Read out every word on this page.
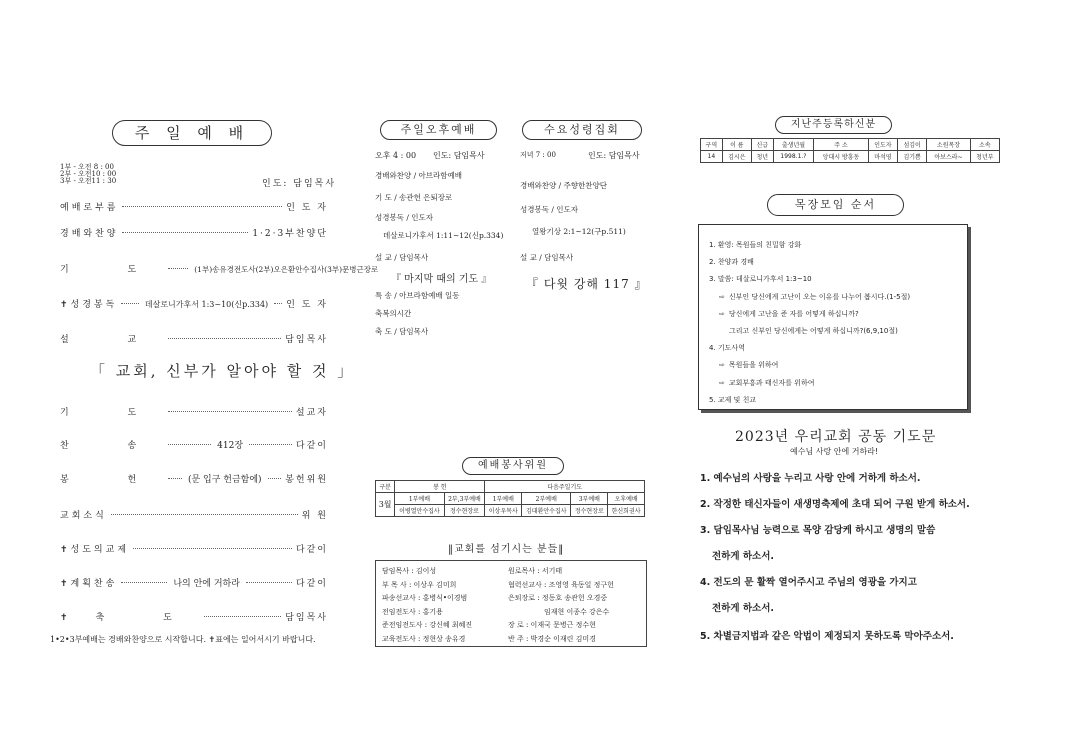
주 일 예 배
1부 - 오전 8 : 00
2부 - 오전10 : 00
3부 - 오전11 : 30	인도: 담임목사
예배로부름	인 도 자
경배와찬양	1·2·3부찬양단
기 도	(1부)송유경전도사(2부)오은환안수집사(3부)문병근장로
✝성경봉독	데살로니가후서 1:3~10(신p.334) 인 도 자
설 교	담임목사
「 교회, 신부가 알아야 할 것 」
기 도	설교자
찬 송	412장	다같이
봉 헌	(문 입구 헌금함에)	봉헌위원
교회소식	위 원
✝성도의교제	다같이
✝계획찬송	나의 안에 거하라	다같이
✝축 도	담임목사
1•2•3부예배는 경배와찬양으로 시작합니다. ✝표에는 일어서시기 바랍니다.
주일오후예배
오후 4 : 00 인도: 담임목사
경배와찬양 / 아브라함예배
기 도 / 송관헌 은퇴장로
성경봉독 / 인도자
데살로니가후서 1:11~12(신p.334)
설 교 / 담임목사
『 마지막 때의 기도 』
특 송 / 아브라함예배 일동
축복의시간
축 도 / 담임목사
수요성령집회
저녁 7 : 00	인도: 담임목사
경배와찬양 / 주향한찬양단
성경봉독 / 인도자
열왕기상 2:1~12(구p.511)
설 교 / 담임목사
『 다윗 강해 117 』
예배봉사위원
구분	봉 헌		다음주일기도			
3월	1부예배	2부,3부예배	1부예배	2부예배	3부예배	오후예배
	이병열안수집사	정수현장로	이상우목사	김대환안수집사	정수현장로	한신희권사
‖교회를 섬기시는 분들‖
담임목사 : 김이성
부 목 사 : 이상우 김미희
파송선교사 : 홍병식•이경범
전임전도사 : 홍기용
준전임전도사 : 강신혜 최혜진
교육전도사 : 정현상 송유경
원로목사 : 서기태
협력선교사 : 조영영 육동일 정구헌
은퇴장로 : 정동호 송관헌 오경중
임재현 이종수 강은수
장 로 : 이재국 문병근 정수현
반 주 : 박경순 이재린 김미경
지난주등록하신분
구역	이 름	신급	출생년월	주 소	인도자	섬김이	소원목장	소속
14	김시은	청년	1998.1.?	앙대시 방흥동	마석영	김기쁨	아보스라~	청년부
목장모임 순서
1. 환영: 목원들의 친밀함 강화
2. 찬양과 경배
3. 말씀: 데살로니가후서 1:3~10
⇨ 신부인 당신에게 고난이 오는 이유를 나누어 봅시다.(1-5절)
⇨ 당신에게 고난을 준 자를 어떻게 하십니까?
그리고 신부인 당신에게는 어떻게 하십니까?(6,9,10절)
4. 기도사역
⇨ 목원들을 위하여
⇨ 교회부흥과 태신자를 위하여
5. 교제 및 친교
2023년 우리교회 공동 기도문
예수님 사랑 안에 거하라!
1. 예수님의 사랑을 누리고 사랑 안에 거하게 하소서.
2. 작정한 태신자들이 새생명축제에 초대 되어 구원 받게 하소서.
3. 담임목사님 능력으로 목양 감당케 하시고 생명의 말씀
전하게 하소서.
4. 전도의 문 활짝 열어주시고 주님의 영광을 가지고
전하게 하소서.
5. 차별금지법과 같은 악법이 제정되지 못하도록 막아주소서.
